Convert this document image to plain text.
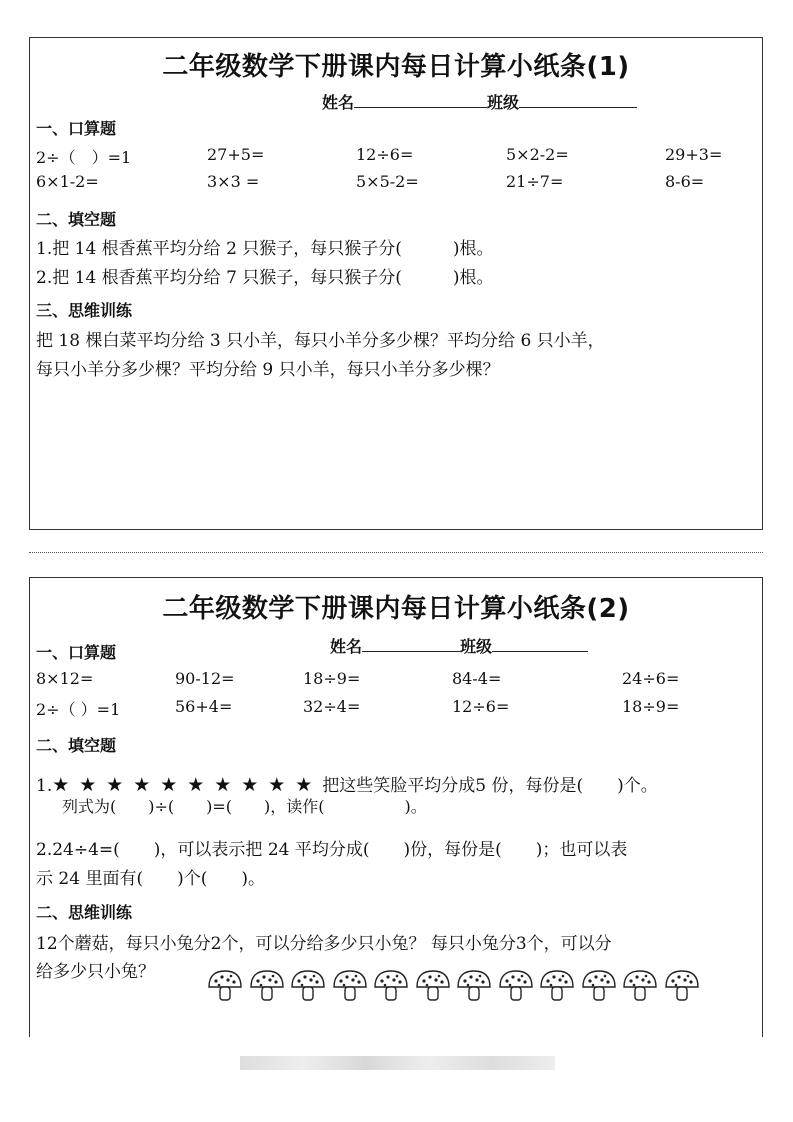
二年级数学下册课内每日计算小纸条(1)
姓名	班级
一、口算题
2÷（　）=1	27+5=	12÷6=	5×2-2=	29+3=
6×1-2=	3×3 =	5×5-2=	21÷7=	8-6=
二、填空题
1.把 14 根香蕉平均分给 2 只猴子，每只猴子分(　　　)根。
2.把 14 根香蕉平均分给 7 只猴子，每只猴子分(　　　)根。
三、思维训练
把 18 棵白菜平均分给 3 只小羊，每只小羊分多少棵？平均分给 6 只小羊，
每只小羊分多少棵？平均分给 9 只小羊，每只小羊分多少棵？
二年级数学下册课内每日计算小纸条(2)
姓名	班级
一、口算题
8×12=	90-12=	18÷9=	84-4=	24÷6=
2÷（ ）=1	56+4=	32÷4=	12÷6=	18÷9=
二、填空题
1.★ ★ ★ ★ ★ ★ ★ ★ ★ ★ 把这些笑脸平均分成5 份，每份是(　　)个。
列式为(　　)÷(　　)=(　　)，读作(　　　　　)。
2.24÷4=(　　)，可以表示把 24 平均分成(　　)份，每份是(　　)；也可以表
示 24 里面有(　　)个(　　)。
二、思维训练
12个蘑菇，每只小兔分2个，可以分给多少只小兔？ 每只小兔分3个，可以分
给多少只小兔？
